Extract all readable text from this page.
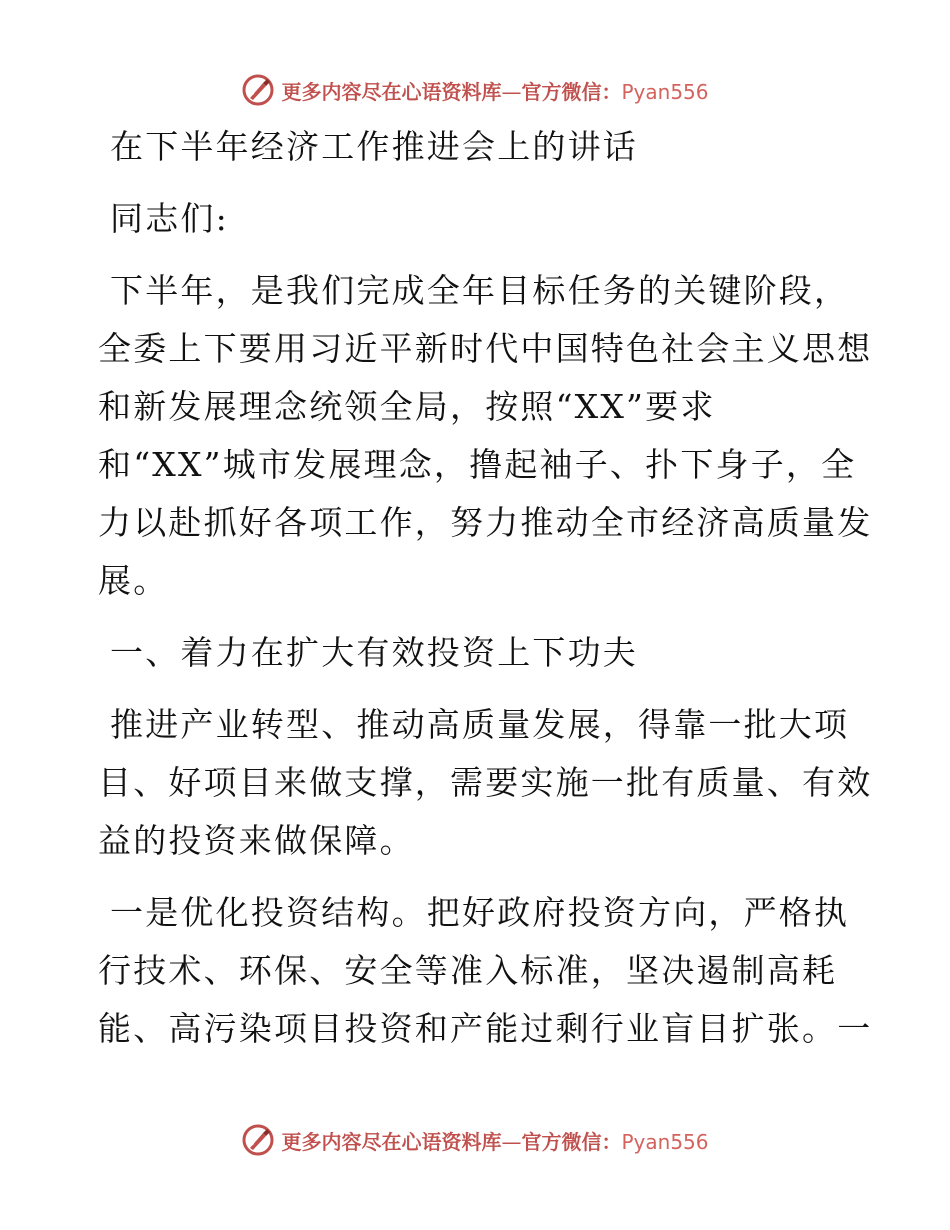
更多内容尽在心语资料库—官方微信：Pyan556
在下半年经济工作推进会上的讲话
同志们:
下半年，是我们完成全年目标任务的关键阶段，
全委上下要用习近平新时代中国特色社会主义思想
和新发展理念统领全局，按照“XX”要求
和“XX”城市发展理念，撸起袖子、扑下身子，全
力以赴抓好各项工作，努力推动全市经济高质量发
展。
一、着力在扩大有效投资上下功夫
推进产业转型、推动高质量发展，得靠一批大项
目、好项目来做支撑，需要实施一批有质量、有效
益的投资来做保障。
一是优化投资结构。把好政府投资方向，严格执
行技术、环保、安全等准入标准，坚决遏制高耗
能、高污染项目投资和产能过剩行业盲目扩张。一
更多内容尽在心语资料库—官方微信：Pyan556
